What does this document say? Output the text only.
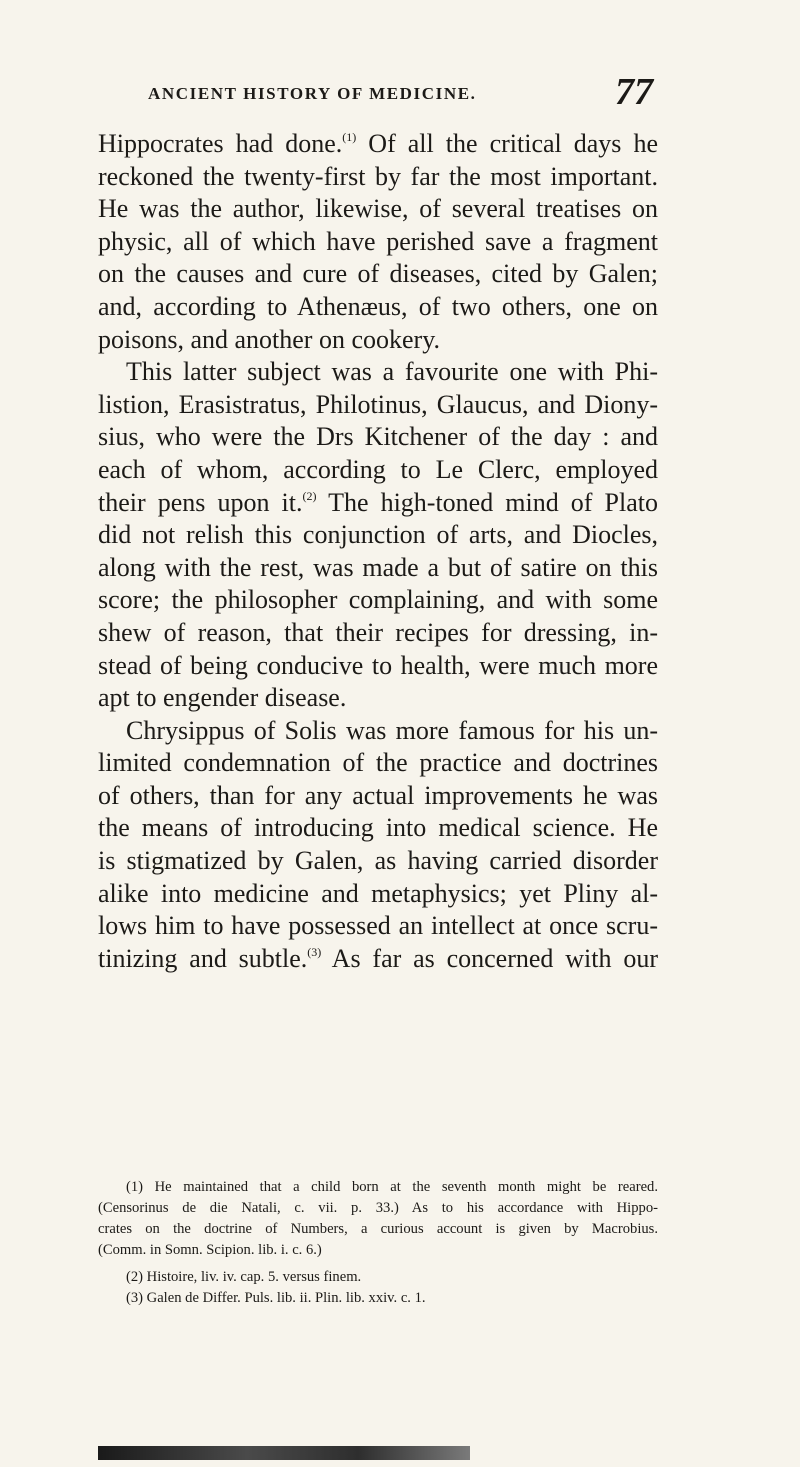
ANCIENT HISTORY OF MEDICINE.	77
Hippocrates had done.$^{(1)}$ Of all the critical days he
reckoned the twenty-first by far the most important.
He was the author, likewise, of several treatises on
physic, all of which have perished save a fragment
on the causes and cure of diseases, cited by Galen;
and, according to Athenæus, of two others, one on
poisons, and another on cookery.
This latter subject was a favourite one with Phi-
listion, Erasistratus, Philotinus, Glaucus, and Diony-
sius, who were the Drs Kitchener of the day : and
each of whom, according to Le Clerc, employed
their pens upon it.$^{(2)}$ The high-toned mind of Plato
did not relish this conjunction of arts, and Diocles,
along with the rest, was made a but of satire on this
score; the philosopher complaining, and with some
shew of reason, that their recipes for dressing, in-
stead of being conducive to health, were much more
apt to engender disease.
Chrysippus of Solis was more famous for his un-
limited condemnation of the practice and doctrines
of others, than for any actual improvements he was
the means of introducing into medical science. He
is stigmatized by Galen, as having carried disorder
alike into medicine and metaphysics; yet Pliny al-
lows him to have possessed an intellect at once scru-
tinizing and subtle.$^{(3)}$ As far as concerned with our
(1) He maintained that a child born at the seventh month might be reared.
(Censorinus de die Natali, c. vii. p. 33.) As to his accordance with Hippo-
crates on the doctrine of Numbers, a curious account is given by Macrobius.
(Comm. in Somn. Scipion. lib. i. c. 6.)
(2) Histoire, liv. iv. cap. 5. versus finem.
(3) Galen de Differ. Puls. lib. ii. Plin. lib. xxiv. c. 1.
